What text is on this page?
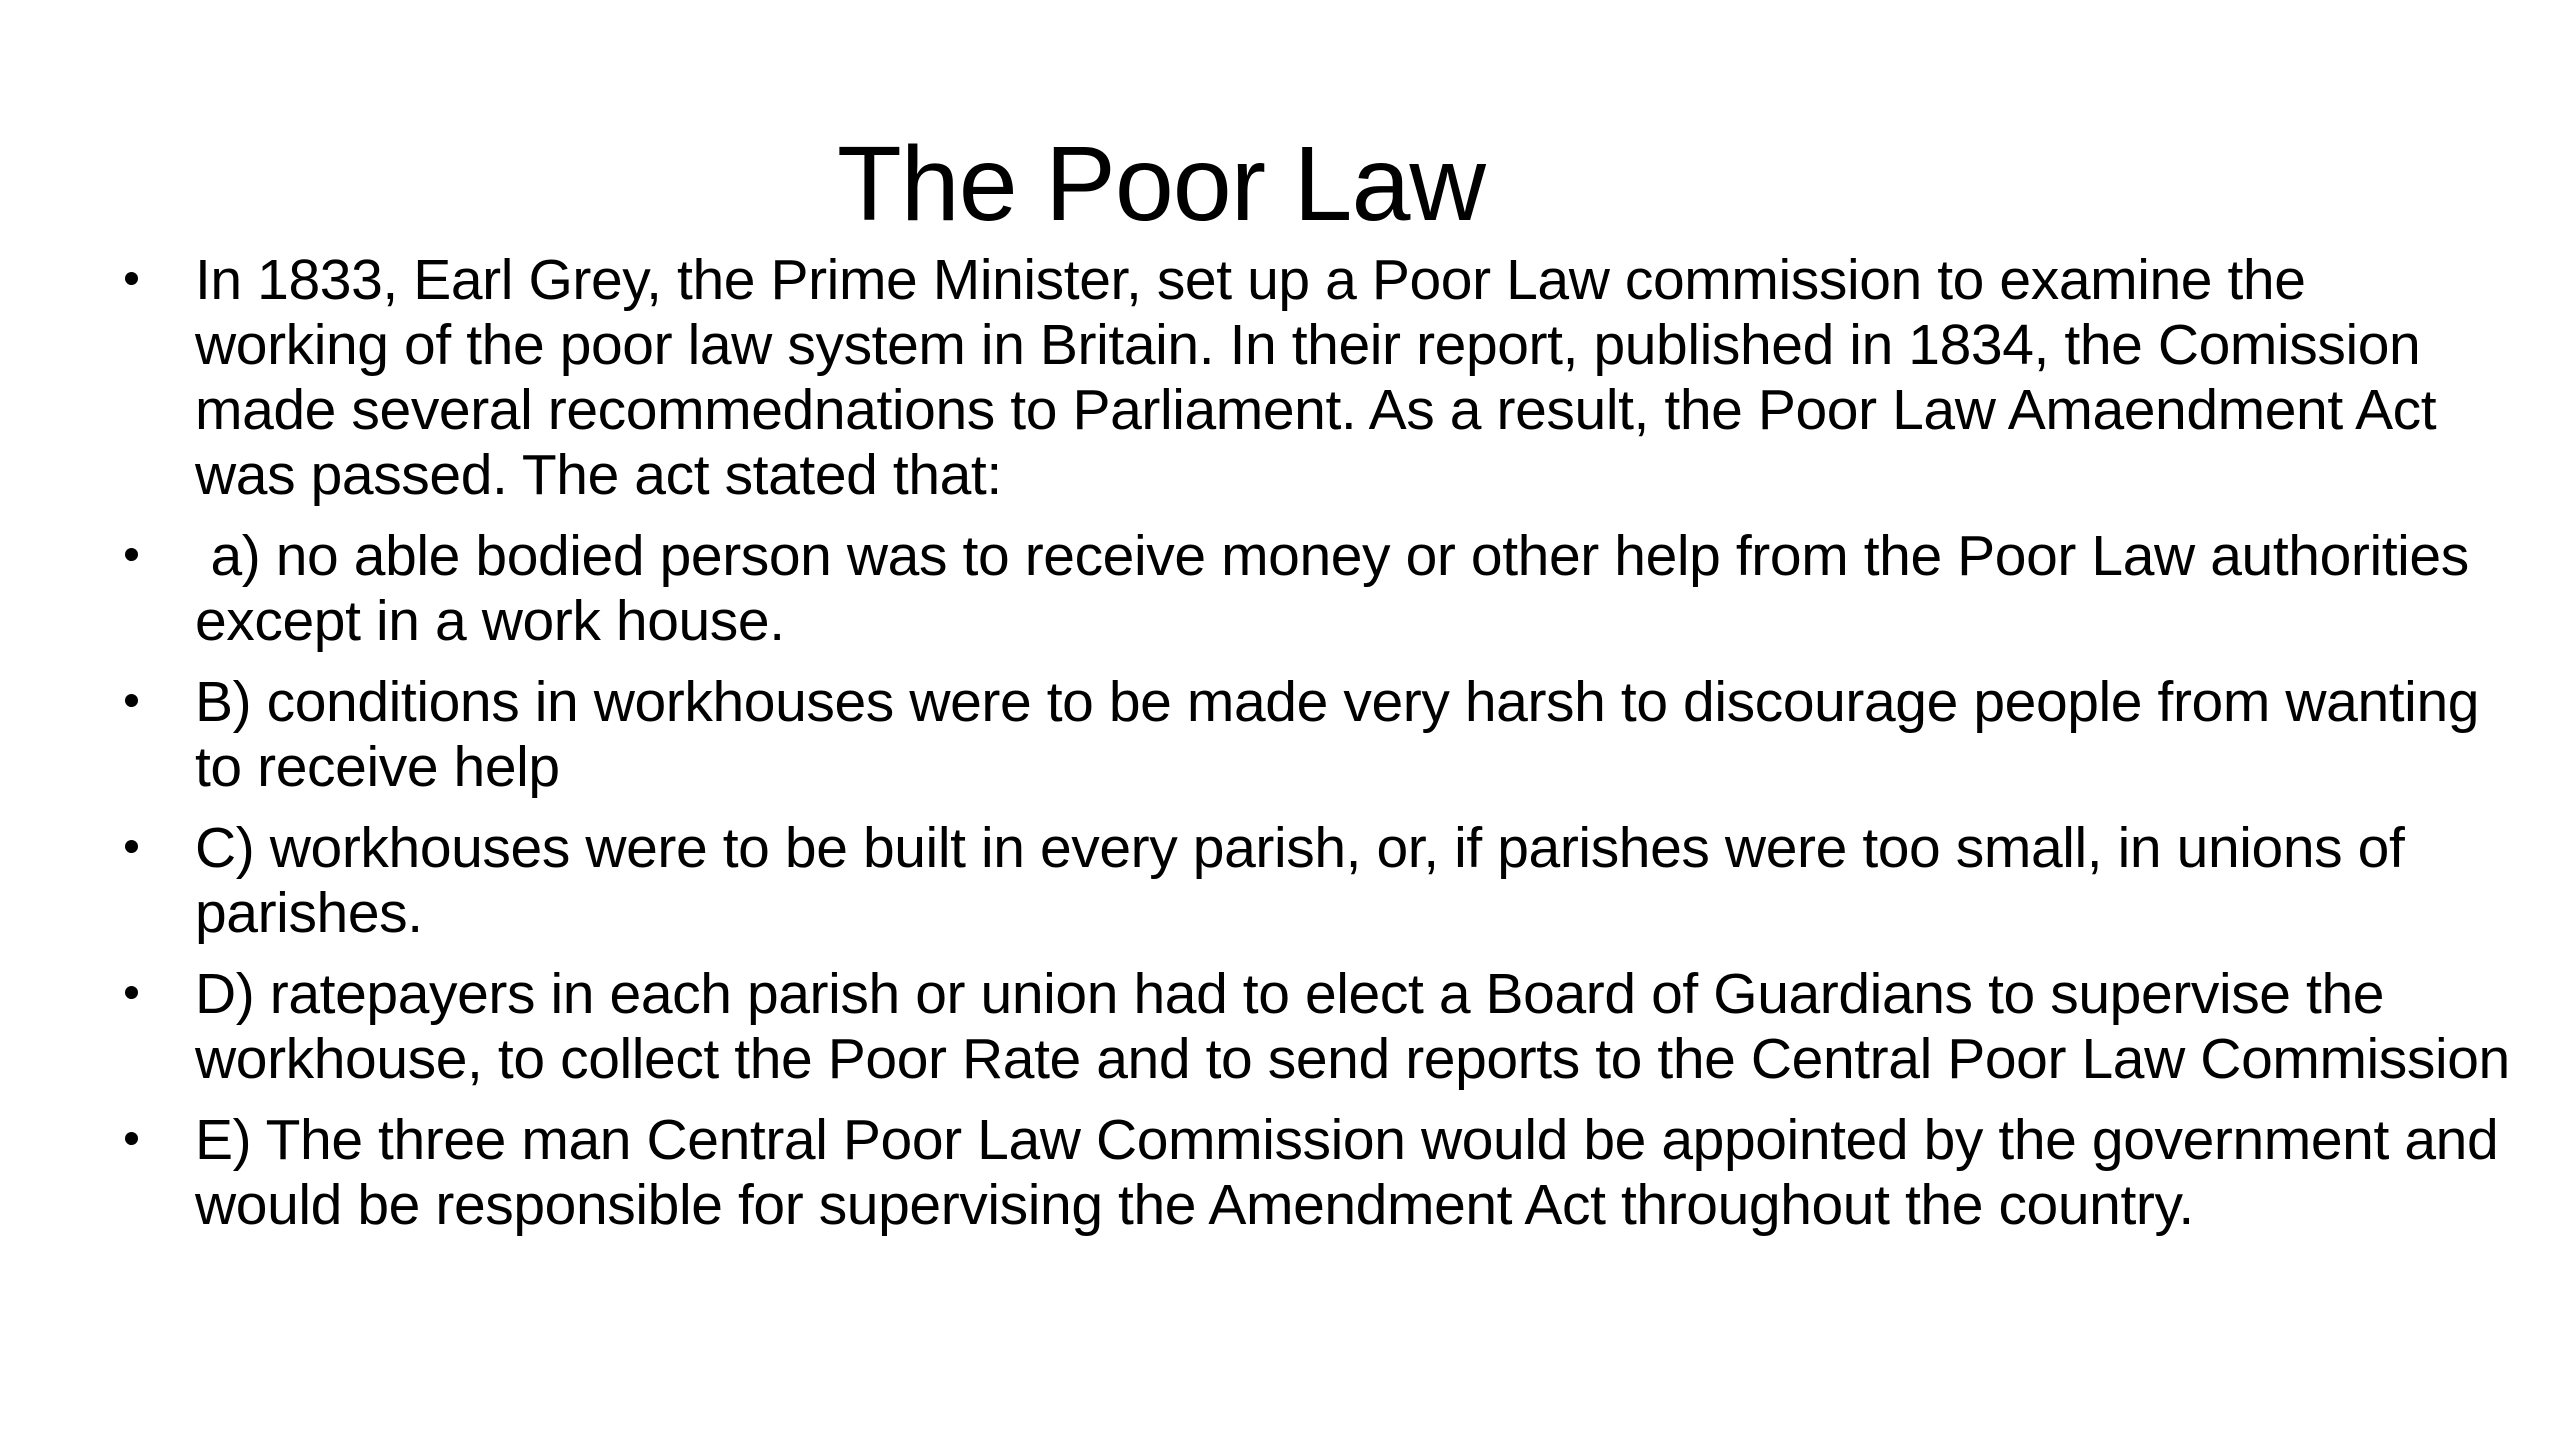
The Poor Law
In 1833, Earl Grey, the Prime Minister, set up a Poor Law commission to examine the working of the poor law system in Britain. In their report, published in 1834, the Comission made several recommednations to Parliament. As a result, the Poor Law Amaendment Act was passed. The act stated that:
a) no able bodied person was to receive money or other help from the Poor Law authorities except in a work house.
B) conditions in workhouses were to be made very harsh to discourage people from wanting to receive help
C) workhouses were to be built in every parish, or, if parishes were too small, in unions of parishes.
D) ratepayers in each parish or union had to elect a Board of Guardians to supervise the workhouse, to collect the Poor Rate and to send reports to the Central Poor Law Commission
E) The three man Central Poor Law Commission would be appointed by the government and would be responsible for supervising the Amendment Act throughout the country.
